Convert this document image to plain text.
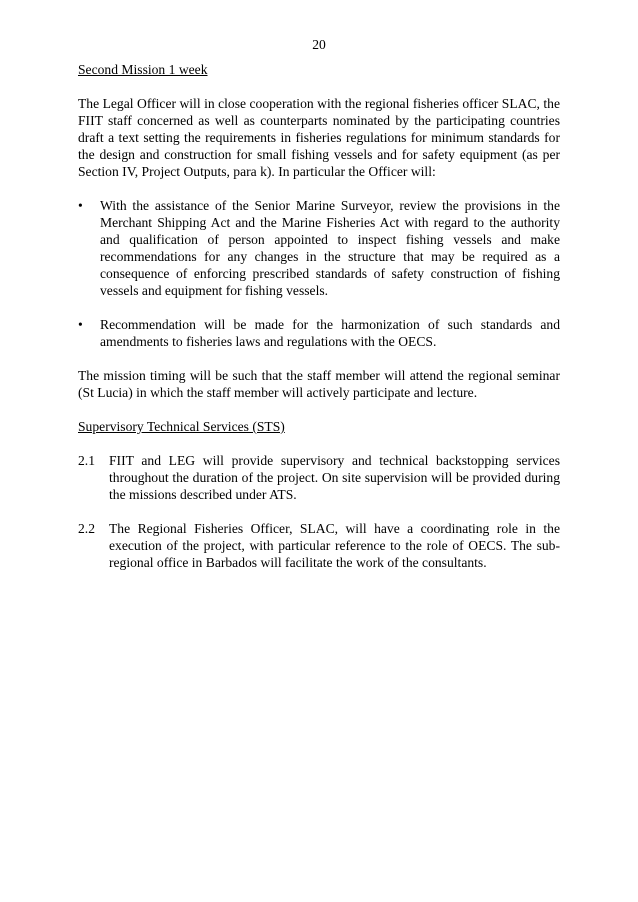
20
Second Mission 1 week

The Legal Officer will in close cooperation with the regional fisheries officer SLAC, the FIIT staff concerned as well as counterparts nominated by the participating countries draft a text setting the requirements in fisheries regulations for minimum standards for the design and construction for small fishing vessels and for safety equipment (as per Section IV, Project Outputs, para k). In particular the Officer will:

•	With the assistance of the Senior Marine Surveyor, review the provisions in the Merchant Shipping Act and the Marine Fisheries Act with regard to the authority and qualification of person appointed to inspect fishing vessels and make recommendations for any changes in the structure that may be required as a consequence of enforcing prescribed standards of safety construction of fishing vessels and equipment for fishing vessels.
•	Recommendation will be made for the harmonization of such standards and amendments to fisheries laws and regulations with the OECS.

The mission timing will be such that the staff member will attend the regional seminar (St Lucia) in which the staff member will actively participate and lecture.

Supervisory Technical Services (STS)
2.1 FIIT and LEG will provide supervisory and technical backstopping services throughout the duration of the project. On site supervision will be provided during the missions described under ATS.
2.2 The Regional Fisheries Officer, SLAC, will have a coordinating role in the execution of the project, with particular reference to the role of OECS. The sub-regional office in Barbados will facilitate the work of the consultants.
